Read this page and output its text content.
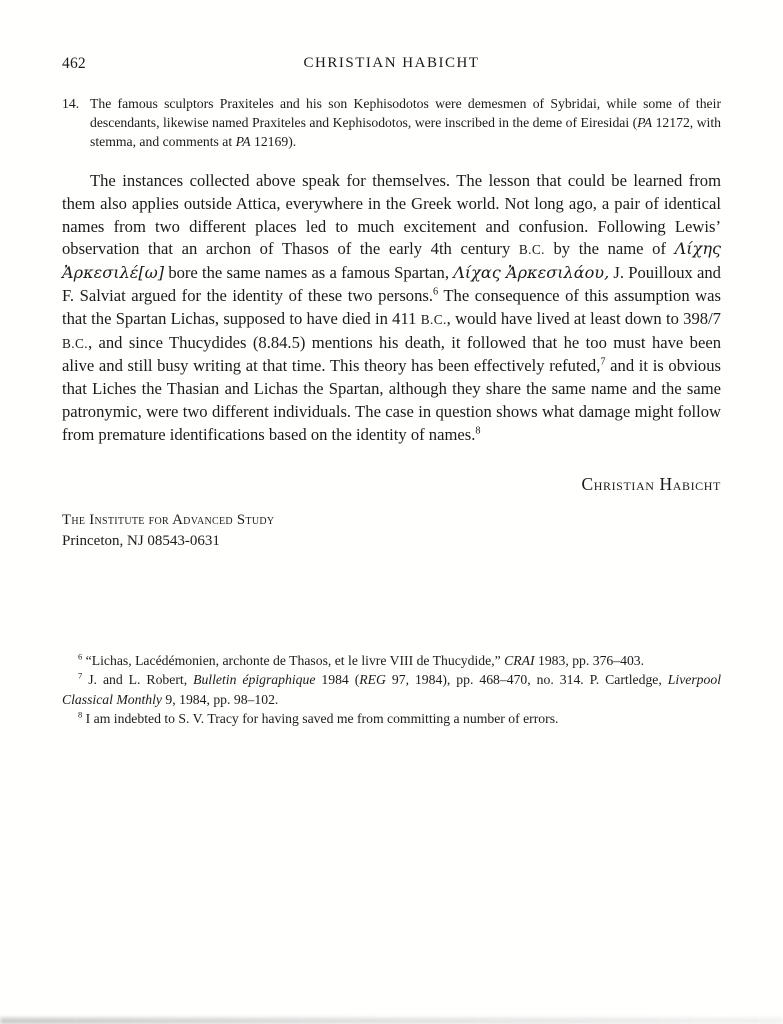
462	CHRISTIAN HABICHT
14. The famous sculptors Praxiteles and his son Kephisodotos were demesmen of Sybridai, while some of their descendants, likewise named Praxiteles and Kephisodotos, were inscribed in the deme of Eiresidai (PA 12172, with stemma, and comments at PA 12169).

The instances collected above speak for themselves. The lesson that could be learned from them also applies outside Attica, everywhere in the Greek world. Not long ago, a pair of identical names from two different places led to much excitement and confusion. Following Lewis’ observation that an archon of Thasos of the early 4th century B.C. by the name of Λίχης Ἀρκεσιλέ[ω] bore the same names as a famous Spartan, Λίχας Ἀρκεσιλάου, J. Pouilloux and F. Salviat argued for the identity of these two persons.$^6$ The consequence of this assumption was that the Spartan Lichas, supposed to have died in 411 B.C., would have lived at least down to 398/7 B.C., and since Thucydides (8.84.5) mentions his death, it followed that he too must have been alive and still busy writing at that time. This theory has been effectively refuted,$^7$ and it is obvious that Liches the Thasian and Lichas the Spartan, although they share the same name and the same patronymic, were two different individuals. The case in question shows what damage might follow from premature identifications based on the identity of names.$^8$

Christian Habicht
The Institute for Advanced Study
Princeton, NJ 08543-0631

$^6$ “Lichas, Lacédémonien, archonte de Thasos, et le livre VIII de Thucydide,” CRAI 1983, pp. 376–403.

$^7$ J. and L. Robert, Bulletin épigraphique 1984 (REG 97, 1984), pp. 468–470, no. 314. P. Cartledge, Liverpool Classical Monthly 9, 1984, pp. 98–102.

$^8$ I am indebted to S. V. Tracy for having saved me from committing a number of errors.
